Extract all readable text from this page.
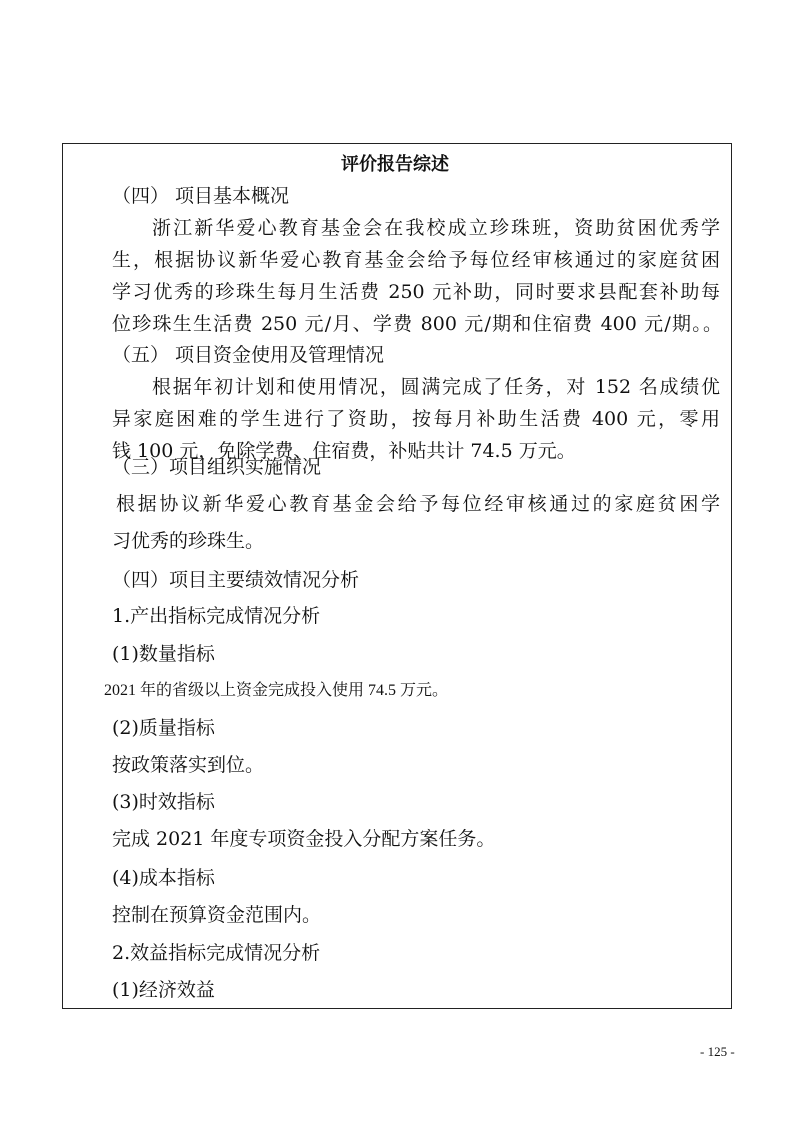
评价报告综述
（四） 项目基本概况
浙江新华爱心教育基金会在我校成立珍珠班，资助贫困优秀学
生，根据协议新华爱心教育基金会给予每位经审核通过的家庭贫困
学习优秀的珍珠生每月生活费 250 元补助，同时要求县配套补助每
位珍珠生生活费 250 元/月、学费 800 元/期和住宿费 400 元/期。。
（五） 项目资金使用及管理情况
根据年初计划和使用情况，圆满完成了任务，对 152 名成绩优
异家庭困难的学生进行了资助，按每月补助生活费 400 元，零用
钱 100 元，免除学费、住宿费，补贴共计 74.5 万元。
（三）项目组织实施情况
根据协议新华爱心教育基金会给予每位经审核通过的家庭贫困学
习优秀的珍珠生。
（四）项目主要绩效情况分析
1.产出指标完成情况分析
(1)数量指标
2021 年的省级以上资金完成投入使用 74.5 万元。
(2)质量指标
按政策落实到位。
(3)时效指标
完成 2021 年度专项资金投入分配方案任务。
(4)成本指标
控制在预算资金范围内。
2.效益指标完成情况分析
(1)经济效益
- 125 -
